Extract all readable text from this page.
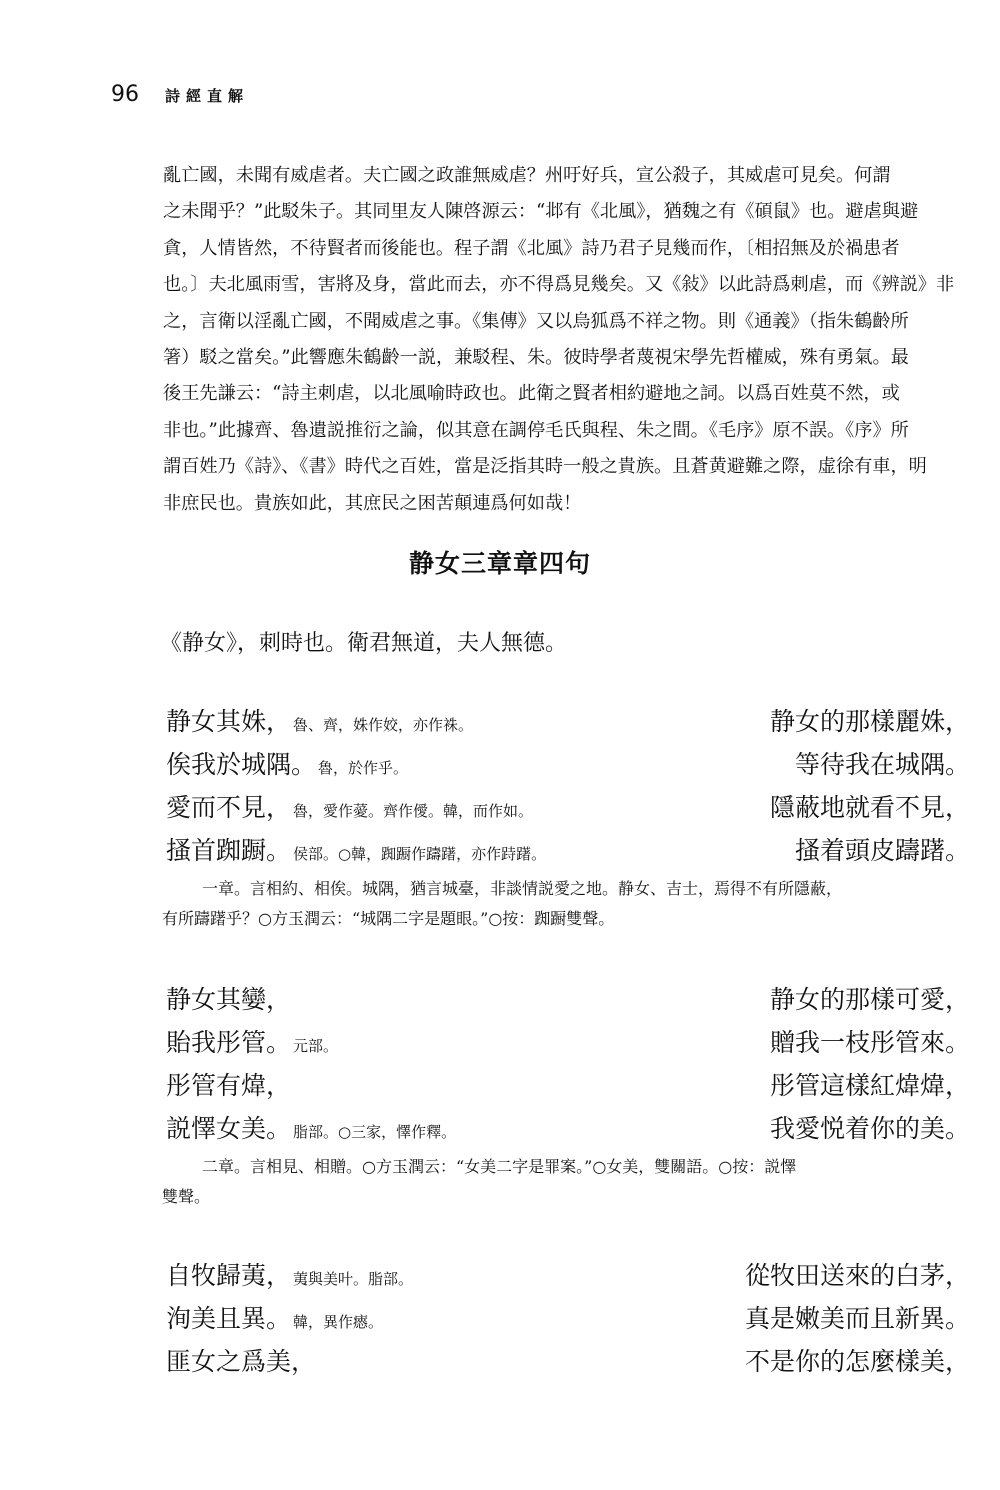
96 詩經直解
亂亡國，未聞有威虐者。夫亡國之政誰無威虐？州吁好兵，宣公殺子，其威虐可見矣。何謂
之未聞乎？”此駁朱子。其同里友人陳啓源云：“邶有《北風》，猶魏之有《碩鼠》也。避虐與避
貪，人情皆然，不待賢者而後能也。程子謂《北風》詩乃君子見幾而作，〔相招無及於禍患者
也。〕夫北風雨雪，害將及身，當此而去，亦不得爲見幾矣。又《敍》以此詩爲刺虐，而《辨説》非
之，言衛以淫亂亡國，不聞威虐之事。《集傳》又以烏狐爲不祥之物。則《通義》（指朱鶴齡所
箸）駁之當矣。”此響應朱鶴齡一説，兼駁程、朱。彼時學者蔑視宋學先哲權威，殊有勇氣。最
後王先謙云：“詩主刺虐，以北風喻時政也。此衛之賢者相約避地之詞。以爲百姓莫不然，或
非也。”此據齊、魯遺説推衍之論，似其意在調停毛氏與程、朱之間。《毛序》原不誤。《序》所
謂百姓乃《詩》、《書》時代之百姓，當是泛指其時一般之貴族。且蒼黄避難之際，虚徐有車，明
非庶民也。貴族如此，其庶民之困苦顛連爲何如哉！
静女三章章四句
《静女》，刺時也。衛君無道，夫人無德。
静女其姝， 魯、齊，姝作姣，亦作袾。	静女的那樣麗姝，
俟我於城隅。 魯，於作乎。	等待我在城隅。
愛而不見， 魯，愛作薆。齊作僾。韓，而作如。	隱蔽地就看不見，
搔首踟蹰。 侯部。○韓，踟蹰作躊躇，亦作跱躇。	搔着頭皮躊躇。
一章。言相約、相俟。城隅，猶言城臺，非談情説愛之地。静女、吉士，焉得不有所隱蔽，
有所躊躇乎？○方玉潤云：“城隅二字是題眼。”○按：踟蹰雙聲。
静女其孌，	静女的那樣可愛，
貽我彤管。 元部。	贈我一枝彤管來。
彤管有煒，	彤管這樣紅煒煒，
説懌女美。 脂部。○三家，懌作釋。	我愛悦着你的美。
二章。言相見、相贈。○方玉潤云：“女美二字是罪案。”○女美，雙關語。○按：説懌
雙聲。
自牧歸荑， 荑與美叶。脂部。	從牧田送來的白茅，
洵美且異。 韓，異作瘱。	真是嫩美而且新異。
匪女之爲美，	不是你的怎麼樣美，
